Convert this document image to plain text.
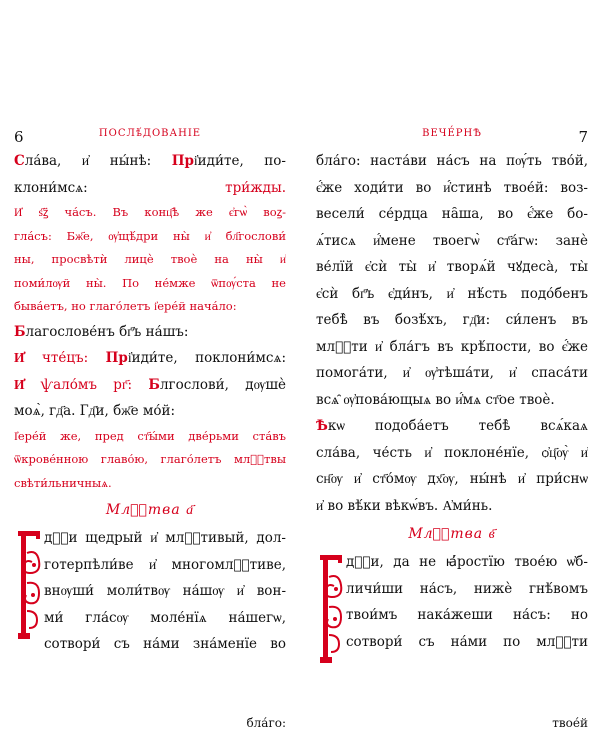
6	ПОСЛѣ́ДОВАНІЕ
Сла́ва, и҆ ны́нѣ: Прі҆иди́те, по-
клони́мсѧ: три́жды.
И҆ ѕ҃ꙁ҃ ча́съ. Въ конц҄ѣ же є҆гѡ̀ воꙁ-
гла́съ: Бж҃е, ѹ҆щѣ́дри ны̀ и҆ бл҃гослови́
ны, просвѣтѝ лицѐ твоѐ на ны̀ и҆
поми́лѹй ны̀. По не́мже ѿпѹ́ста не
быва́етъ, но глаго́летъ і҆ере́й нача́ло:
Благослове́нъ бг҃ъ на́шъ:
И҆ чте́цъ: Прі҆иди́те, поклони́мсѧ:
И҆ ѱало́мъ рг҃: Блгослови́, дѹшѐ
моѧ̀, гд҃а. Гд҃и, бж҃е мо́й:
І҆ере́й же, пред ст҃ы́ми две́рьми ста́въ
ѿкрове́нною главо́ю, глаго́летъ млⷭ҇твы
свѣти́льничныѧ.
Млⷭ҇тва а҃
дⷭ҇и щедрый и҆ млⷭ҇тивый, дол-
готерпѣли́ве и҆ многомлⷭ҇тиве,
внѹши́ моли́твѹ на́шѹ и҆ вон-
ми́ гла́сѹ моле́нїѧ на́шегѡ,
сотвори́ съ на́ми зна́менїе во
бла́го:
7
ВЕЧЕ́РНѢ
бла́го: наста́ви на́съ на пѹ́ть тво́й,
є҆́же ходи́ти во и҆́стинѣ твое́й: воз-
весели́ се́рдца на̑ша, во є҆́же бо-
ѧ́тисѧ и҆́мене твоегѡ̀ ст҃а́гѡ: занѐ
ве́лїй є҆сѝ ты̀ и҆ творѧ́й чꙋдеса̀, ты̀
є҆сѝ бг҃ъ є҆ди́нъ, и҆ нѣ́сть подо́бенъ
тебѣ̀ въ бозѣ́хъ, гд҃и: си́ленъ въ
млⷭ҇ти и҆ бла́гъ въ крѣ́пости, во є҆́же
помога́ти, и҆ ѹ҆тѣша́ти, и҆ спаса́ти
всѧ̑ ѹ҆пова́ющыѧ во и҆́мѧ ст҃ое твоѐ.
Ѣкѡ подоба́етъ тебѣ̀ всѧ́каѧ
сла́ва, че́сть и҆ поклоне́нїе, ѻ҆ц҃ѹ̀ и҆
сн҃ѹ и҆ ст҃о́мѹ дх҃ѹ, ны́нѣ и҆ при́снѡ
и҆ во вѣ́ки вѣкѡ́въ. А҆ми́нь.
Млⷭ҇тва в҃
дⷭ҇и, да не ꙗ҆́ростїю твое́ю ѡ҆б-
личи́ши на́съ, нижѐ гнѣ́вомъ
твои́мъ нака́жеши на́съ: но
сотвори́ съ на́ми по млⷭ҇ти
твое́й
